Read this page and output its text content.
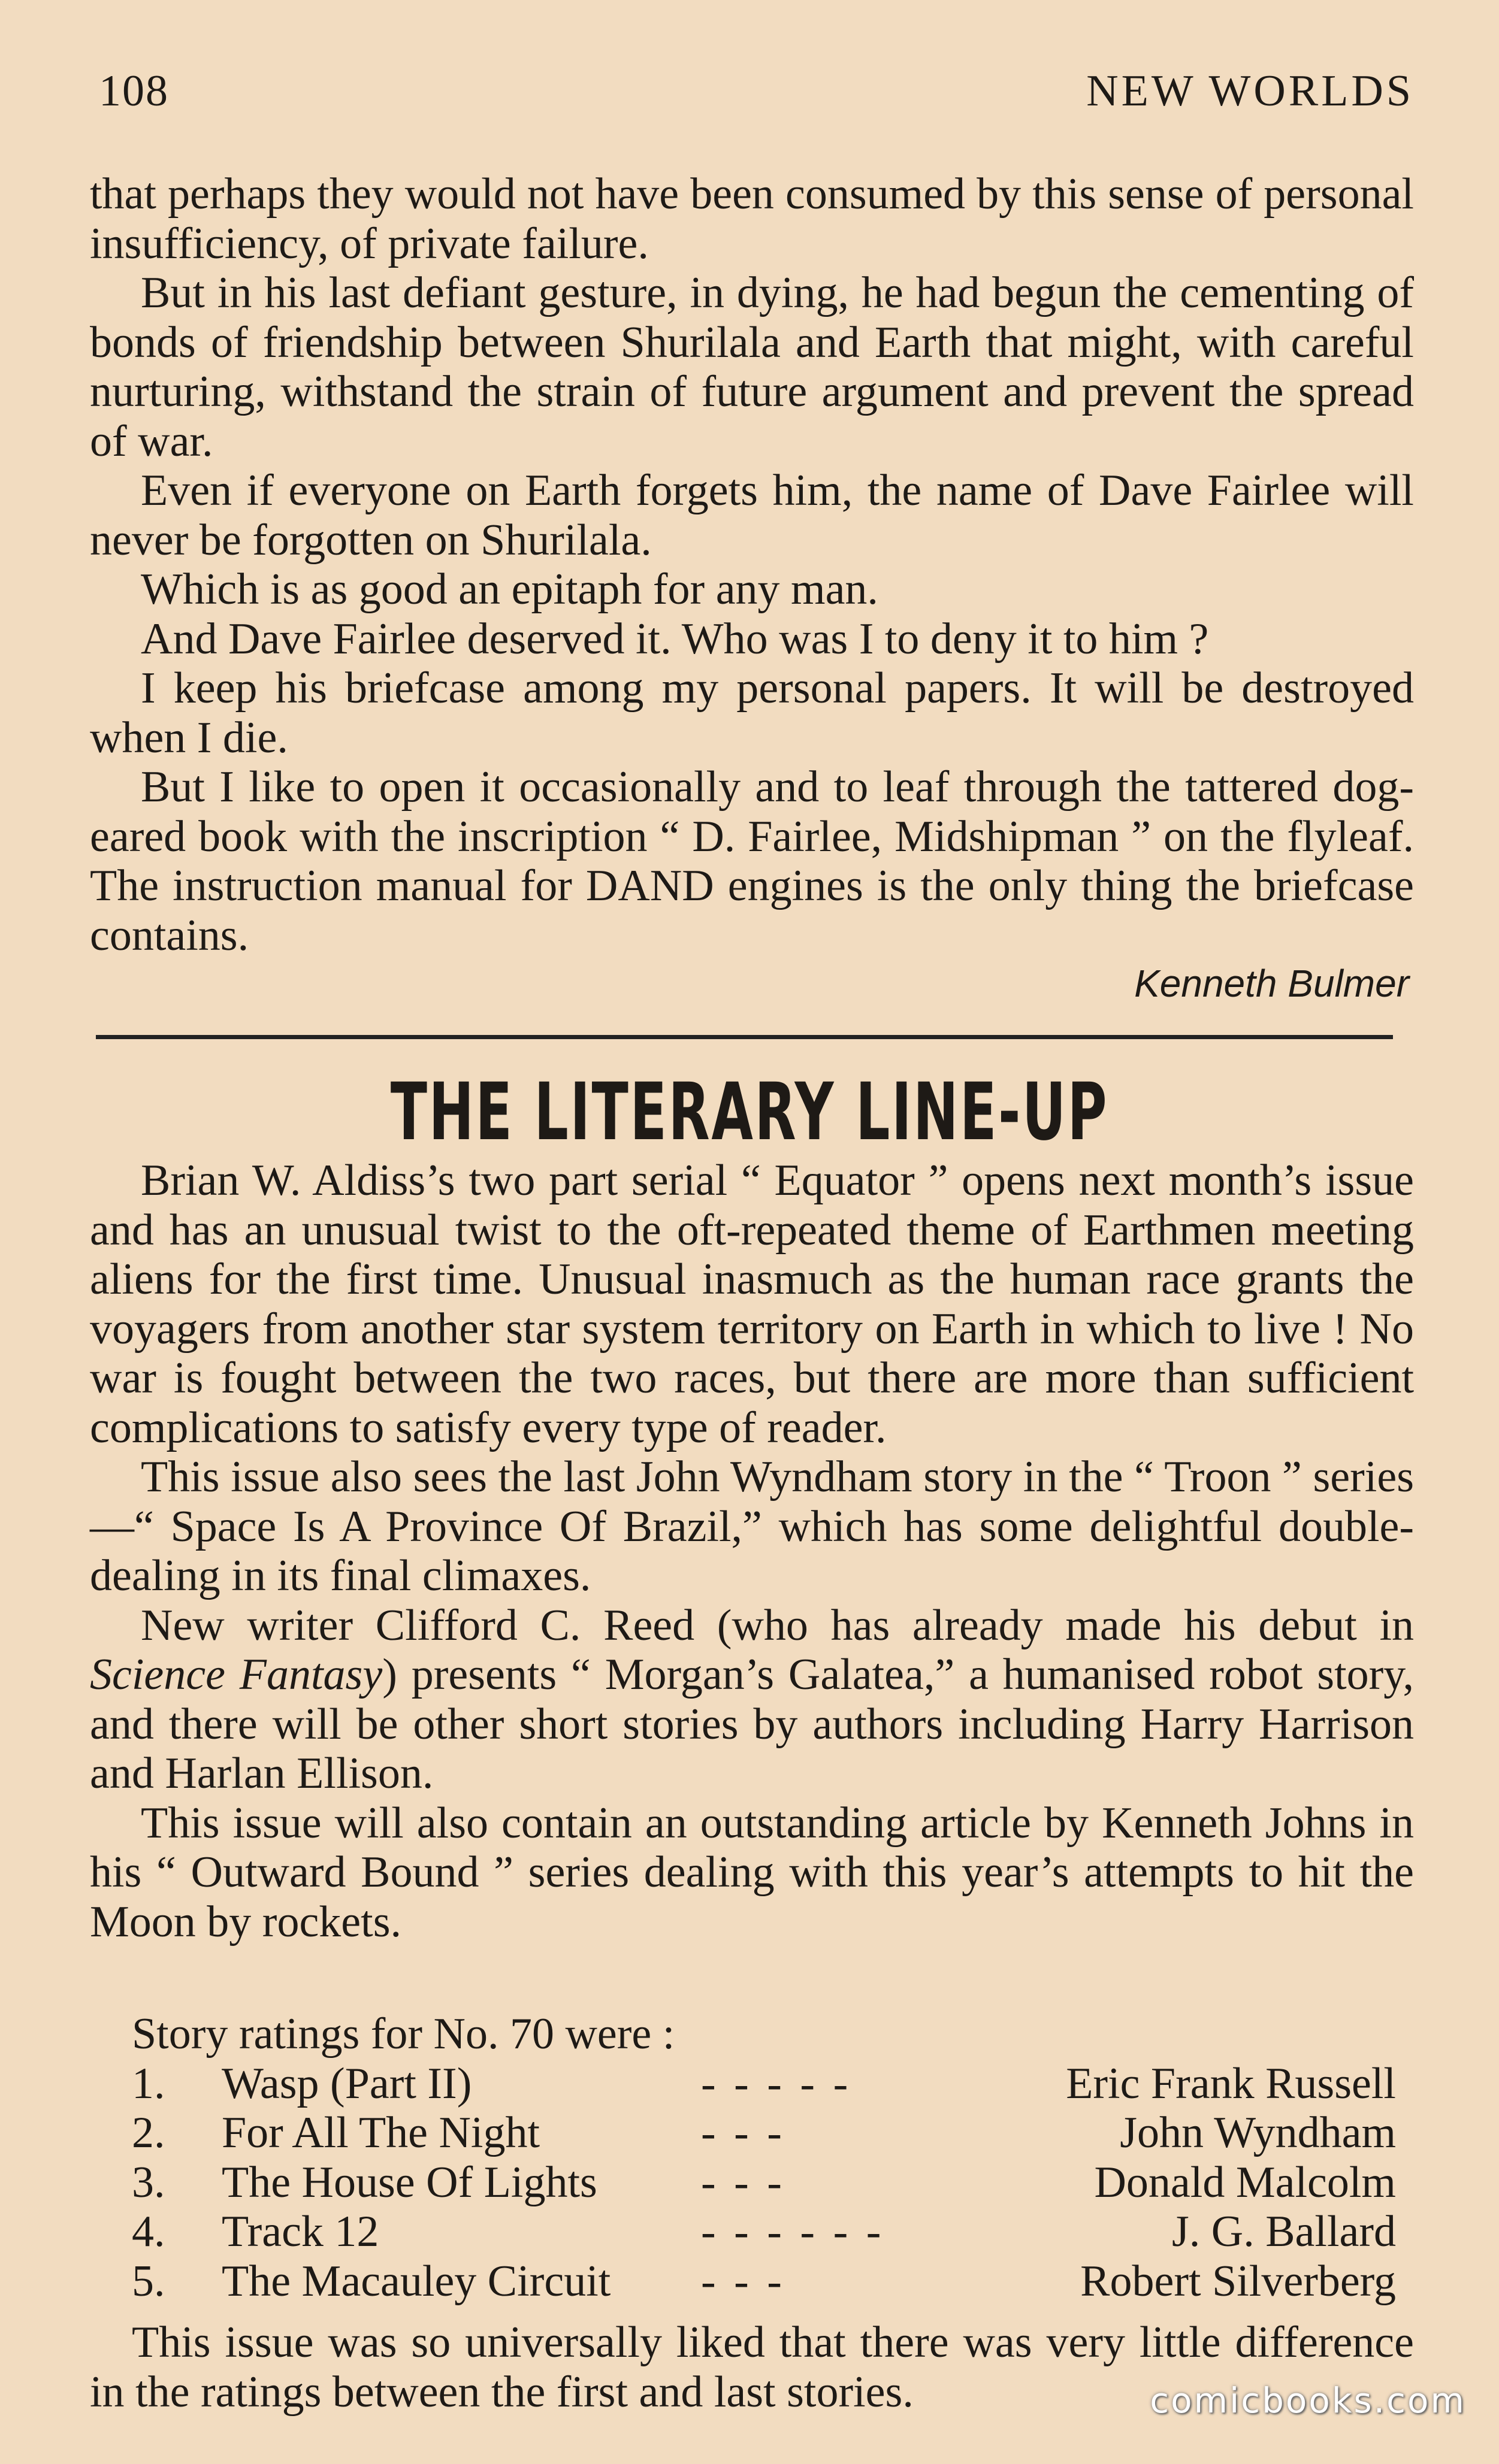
108	NEW WORLDS

that perhaps they would not have been consumed by this sense of personal insufficiency, of private failure.

But in his last defiant gesture, in dying, he had begun the cementing of bonds of friendship between Shurilala and Earth that might, with careful nurturing, withstand the strain of future argument and prevent the spread of war.

Even if everyone on Earth forgets him, the name of Dave Fairlee will never be forgotten on Shurilala.

Which is as good an epitaph for any man.

And Dave Fairlee deserved it. Who was I to deny it to him ?

I keep his briefcase among my personal papers. It will be destroyed when I die.

But I like to open it occasionally and to leaf through the tattered dog-eared book with the inscription “ D. Fairlee, Midshipman ” on the flyleaf. The instruction manual for DAND engines is the only thing the briefcase contains.

Kenneth Bulmer
THE LITERARY LINE-UP

Brian W. Aldiss’s two part serial “ Equator ” opens next month’s issue and has an unusual twist to the oft-repeated theme of Earthmen meeting aliens for the first time. Unusual inasmuch as the human race grants the voyagers from another star system territory on Earth in which to live ! No war is fought between the two races, but there are more than sufficient complications to satisfy every type of reader.

This issue also sees the last John Wyndham story in the “ Troon ” series—“ Space Is A Province Of Brazil,” which has some delightful double-dealing in its final climaxes.

New writer Clifford C. Reed (who has already made his debut in Science Fantasy) presents “ Morgan’s Galatea,” a humanised robot story, and there will be other short stories by authors including Harry Harrison and Harlan Ellison.

This issue will also contain an outstanding article by Kenneth Johns in his “ Outward Bound ” series dealing with this year’s attempts to hit the Moon by rockets.

Story ratings for No. 70 were :

1.	Wasp (Part II)	- - - - -	Eric Frank Russell
2.	For All The Night	- - -	John Wyndham
3.	The House Of Lights	- - -	Donald Malcolm
4.	Track 12	- - - - - -	J. G. Ballard
5.	The Macauley Circuit	- - -	Robert Silverberg

This issue was so universally liked that there was very little difference in the ratings between the first and last stories.	comicbooks.com
